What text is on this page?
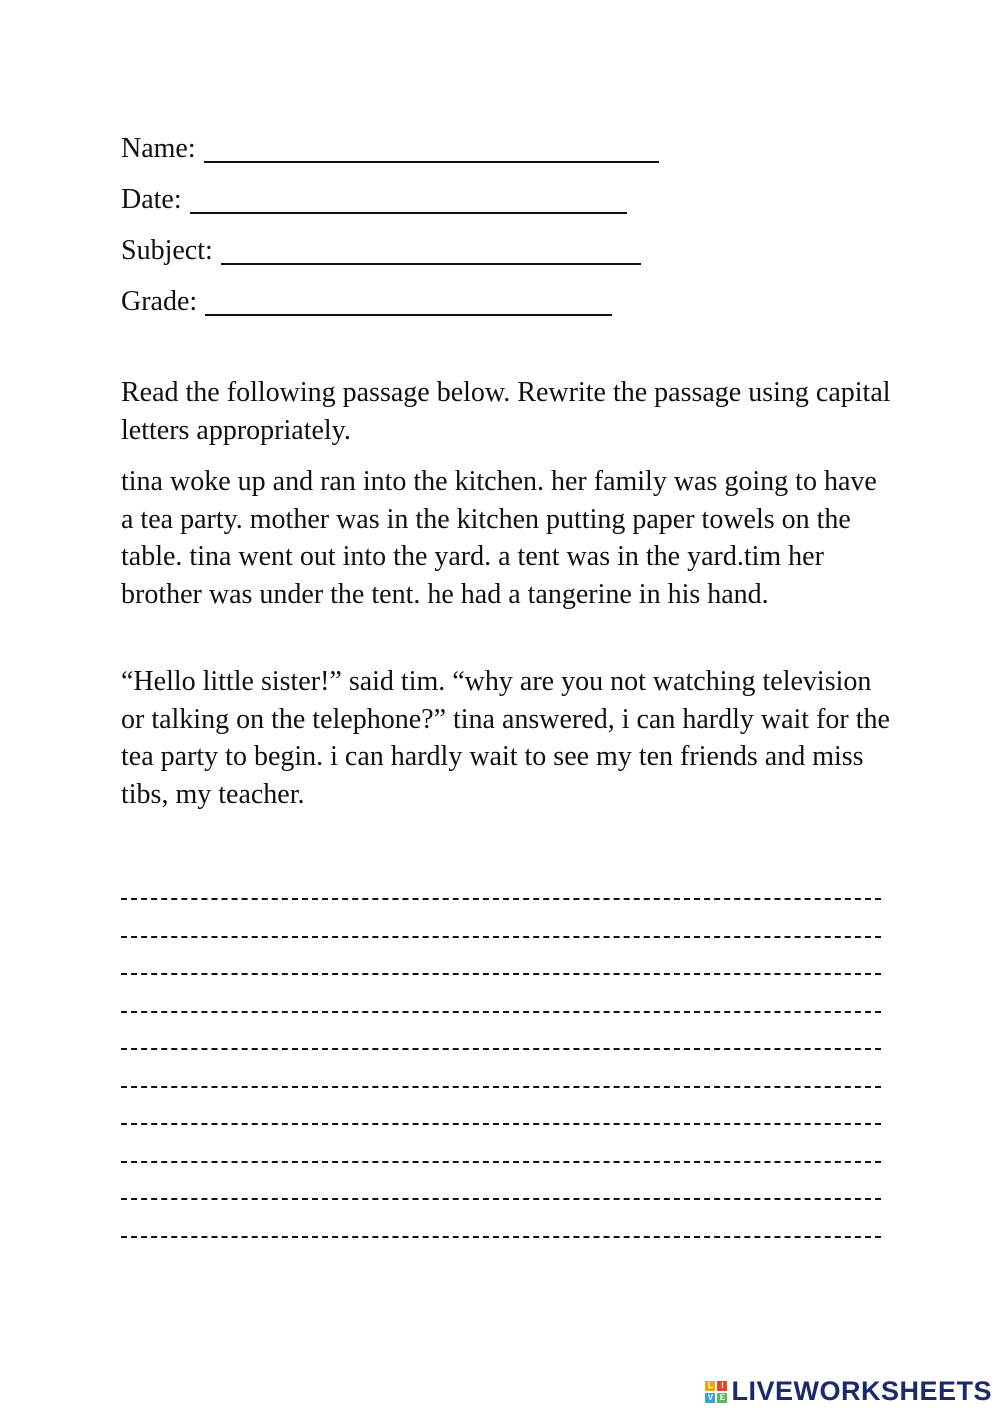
Name:
Date:
Subject:
Grade:

Read the following passage below. Rewrite the passage using capital letters appropriately.

tina woke up and ran into the kitchen. her family was going to have a tea party. mother was in the kitchen putting paper towels on the table. tina went out into the yard. a tent was in the yard.tim her brother was under the tent. he had a tangerine in his hand.

“Hello little sister!” said tim. “why are you not watching television or talking on the telephone?” tina answered, i can hardly wait for the tea party to begin. i can hardly wait to see my ten friends and miss tibs, my teacher.

L	I
V E LIVEWORKSHEETS
